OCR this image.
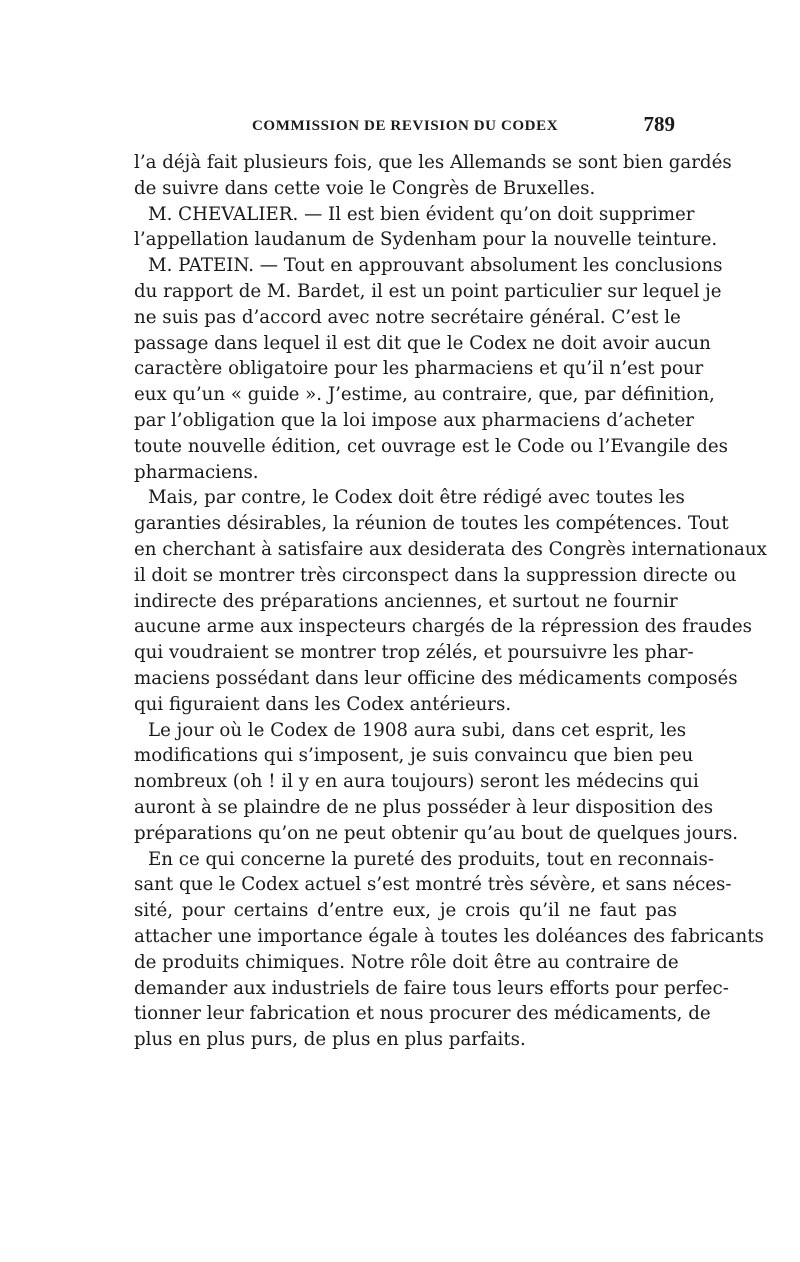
COMMISSION DE REVISION DU CODEX	789
l’a déjà fait plusieurs fois, que les Allemands se sont bien gardés
de suivre dans cette voie le Congrès de Bruxelles.
M. CHEVALIER. — Il est bien évident qu’on doit supprimer
l’appellation laudanum de Sydenham pour la nouvelle teinture.
M. PATEIN. — Tout en approuvant absolument les conclusions
du rapport de M. Bardet, il est un point particulier sur lequel je
ne suis pas d’accord avec notre secrétaire général. C’est le
passage dans lequel il est dit que le Codex ne doit avoir aucun
caractère obligatoire pour les pharmaciens et qu’il n’est pour
eux qu’un « guide ». J’estime, au contraire, que, par définition,
par l’obligation que la loi impose aux pharmaciens d’acheter
toute nouvelle édition, cet ouvrage est le Code ou l’Evangile des
pharmaciens.
Mais, par contre, le Codex doit être rédigé avec toutes les
garanties désirables, la réunion de toutes les compétences. Tout
en cherchant à satisfaire aux desiderata des Congrès internationaux
il doit se montrer très circonspect dans la suppression directe ou
indirecte des préparations anciennes, et surtout ne fournir
aucune arme aux inspecteurs chargés de la répression des fraudes
qui voudraient se montrer trop zélés, et poursuivre les phar-
maciens possédant dans leur officine des médicaments composés
qui figuraient dans les Codex antérieurs.
Le jour où le Codex de 1908 aura subi, dans cet esprit, les
modifications qui s’imposent, je suis convaincu que bien peu
nombreux (oh ! il y en aura toujours) seront les médecins qui
auront à se plaindre de ne plus posséder à leur disposition des
préparations qu’on ne peut obtenir qu’au bout de quelques jours.
En ce qui concerne la pureté des produits, tout en reconnais-
sant que le Codex actuel s’est montré très sévère, et sans néces-
sité, pour certains d’entre eux, je crois qu’il ne faut pas
attacher une importance égale à toutes les doléances des fabricants
de produits chimiques. Notre rôle doit être au contraire de
demander aux industriels de faire tous leurs efforts pour perfec-
tionner leur fabrication et nous procurer des médicaments, de
plus en plus purs, de plus en plus parfaits.
